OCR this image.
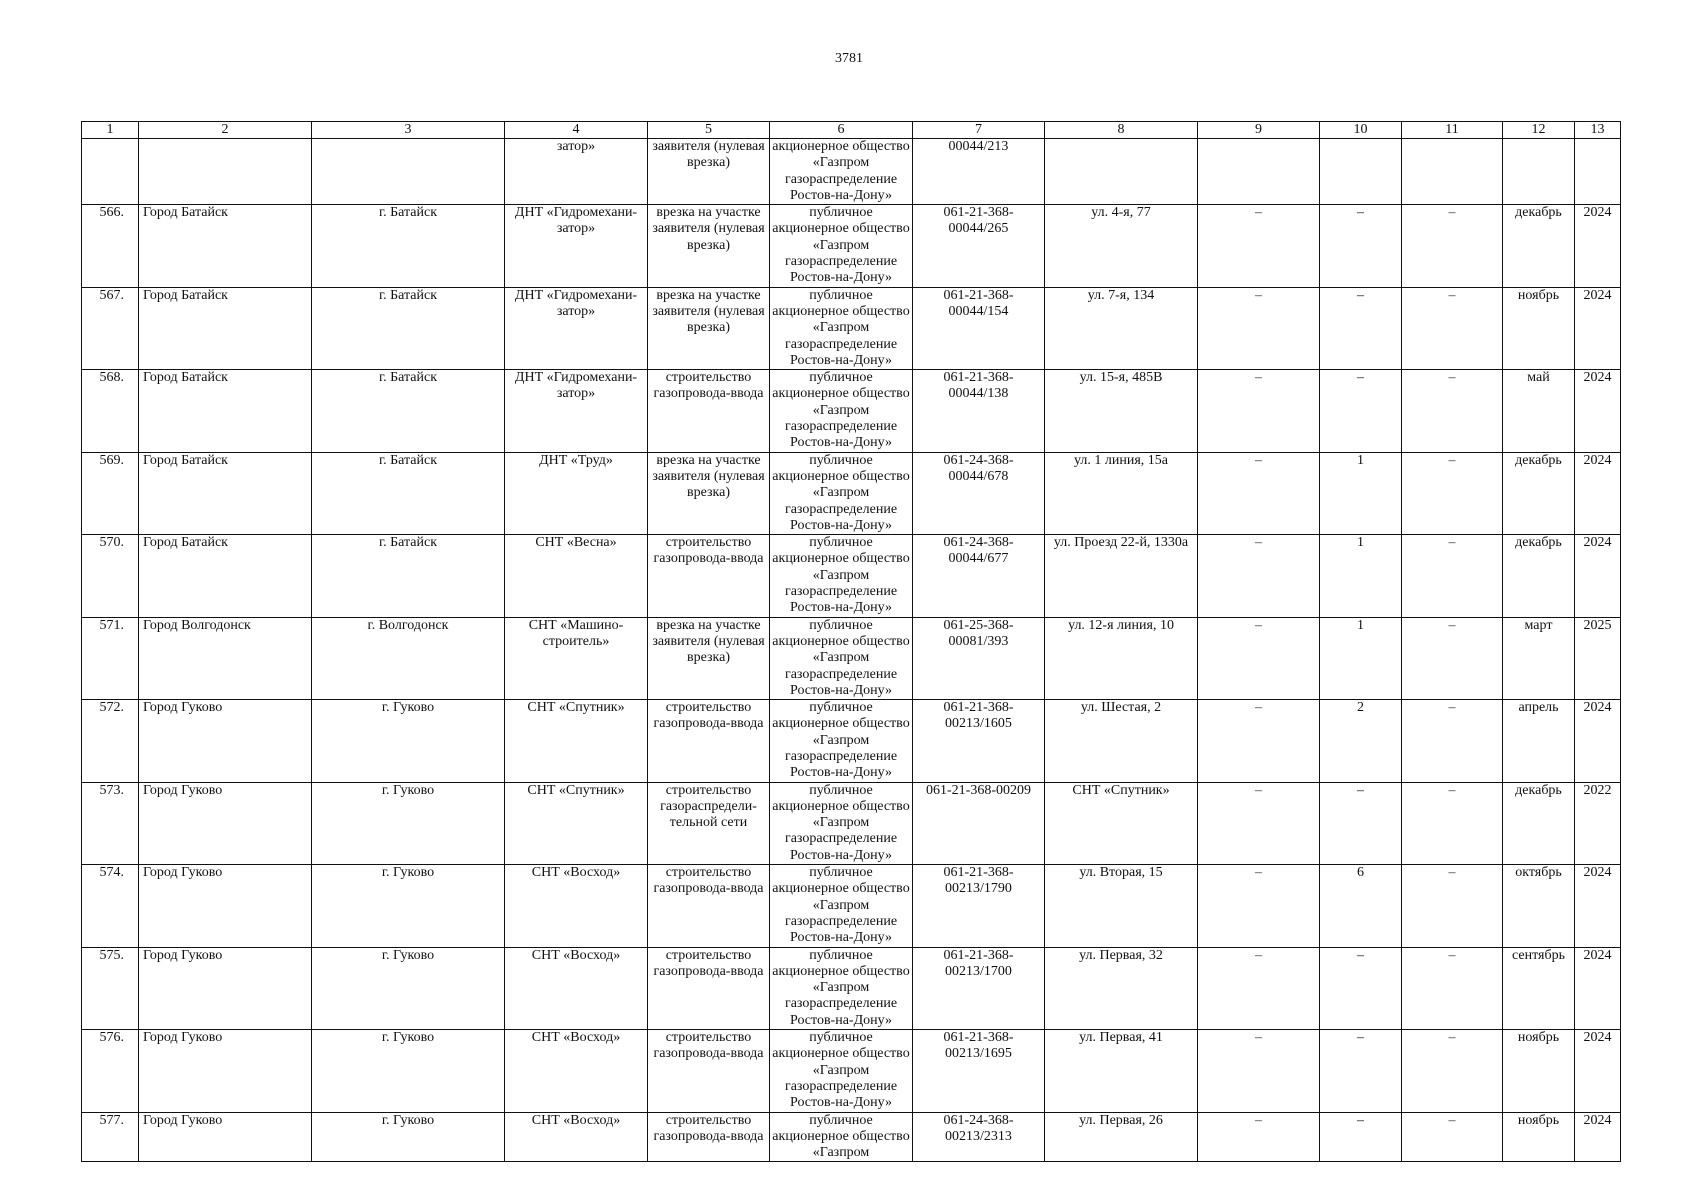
3781
1	2	3	4	5	6	7	8	9	10	11	12	13
			затор»	заявителя (нулевая врезка)	акционерное общество «Газпром газораспределение Ростов-на-Дону»	00044/213						
566.	Город Батайск	г. Батайск	ДНТ «Гидромехани-затор»	врезка на участке заявителя (нулевая врезка)	публичное акционерное общество «Газпром газораспределение Ростов-на-Дону»	061-21-368-00044/265	ул. 4-я, 77	–	–	–	декабрь	2024
567.	Город Батайск	г. Батайск	ДНТ «Гидромехани-затор»	врезка на участке заявителя (нулевая врезка)	публичное акционерное общество «Газпром газораспределение Ростов-на-Дону»	061-21-368-00044/154	ул. 7-я, 134	–	–	–	ноябрь	2024
568.	Город Батайск	г. Батайск	ДНТ «Гидромехани-затор»	строительство газопровода-ввода	публичное акционерное общество «Газпром газораспределение Ростов-на-Дону»	061-21-368-00044/138	ул. 15-я, 485В	–	–	–	май	2024
569.	Город Батайск	г. Батайск	ДНТ «Труд»	врезка на участке заявителя (нулевая врезка)	публичное акционерное общество «Газпром газораспределение Ростов-на-Дону»	061-24-368-00044/678	ул. 1 линия, 15а	–	1	–	декабрь	2024
570.	Город Батайск	г. Батайск	СНТ «Весна»	строительство газопровода-ввода	публичное акционерное общество «Газпром газораспределение Ростов-на-Дону»	061-24-368-00044/677	ул. Проезд 22-й, 1330а	–	1	–	декабрь	2024
571.	Город Волгодонск	г. Волгодонск	СНТ «Машино-строитель»	врезка на участке заявителя (нулевая врезка)	публичное акционерное общество «Газпром газораспределение Ростов-на-Дону»	061-25-368-00081/393	ул. 12-я линия, 10	–	1	–	март	2025
572.	Город Гуково	г. Гуково	СНТ «Спутник»	строительство газопровода-ввода	публичное акционерное общество «Газпром газораспределение Ростов-на-Дону»	061-21-368-00213/1605	ул. Шестая, 2	–	2	–	апрель	2024
573.	Город Гуково	г. Гуково	СНТ «Спутник»	строительство газораспредели-тельной сети	публичное акционерное общество «Газпром газораспределение Ростов-на-Дону»	061-21-368-00209	СНТ «Спутник»	–	–	–	декабрь	2022
574.	Город Гуково	г. Гуково	СНТ «Восход»	строительство газопровода-ввода	публичное акционерное общество «Газпром газораспределение Ростов-на-Дону»	061-21-368-00213/1790	ул. Вторая, 15	–	6	–	октябрь	2024
575.	Город Гуково	г. Гуково	СНТ «Восход»	строительство газопровода-ввода	публичное акционерное общество «Газпром газораспределение Ростов-на-Дону»	061-21-368-00213/1700	ул. Первая, 32	–	–	–	сентябрь	2024
576.	Город Гуково	г. Гуково	СНТ «Восход»	строительство газопровода-ввода	публичное акционерное общество «Газпром газораспределение Ростов-на-Дону»	061-21-368-00213/1695	ул. Первая, 41	–	–	–	ноябрь	2024
577.	Город Гуково	г. Гуково	СНТ «Восход»	строительство газопровода-ввода	публичное акционерное общество «Газпром	061-24-368-00213/2313	ул. Первая, 26	–	–	–	ноябрь	2024
